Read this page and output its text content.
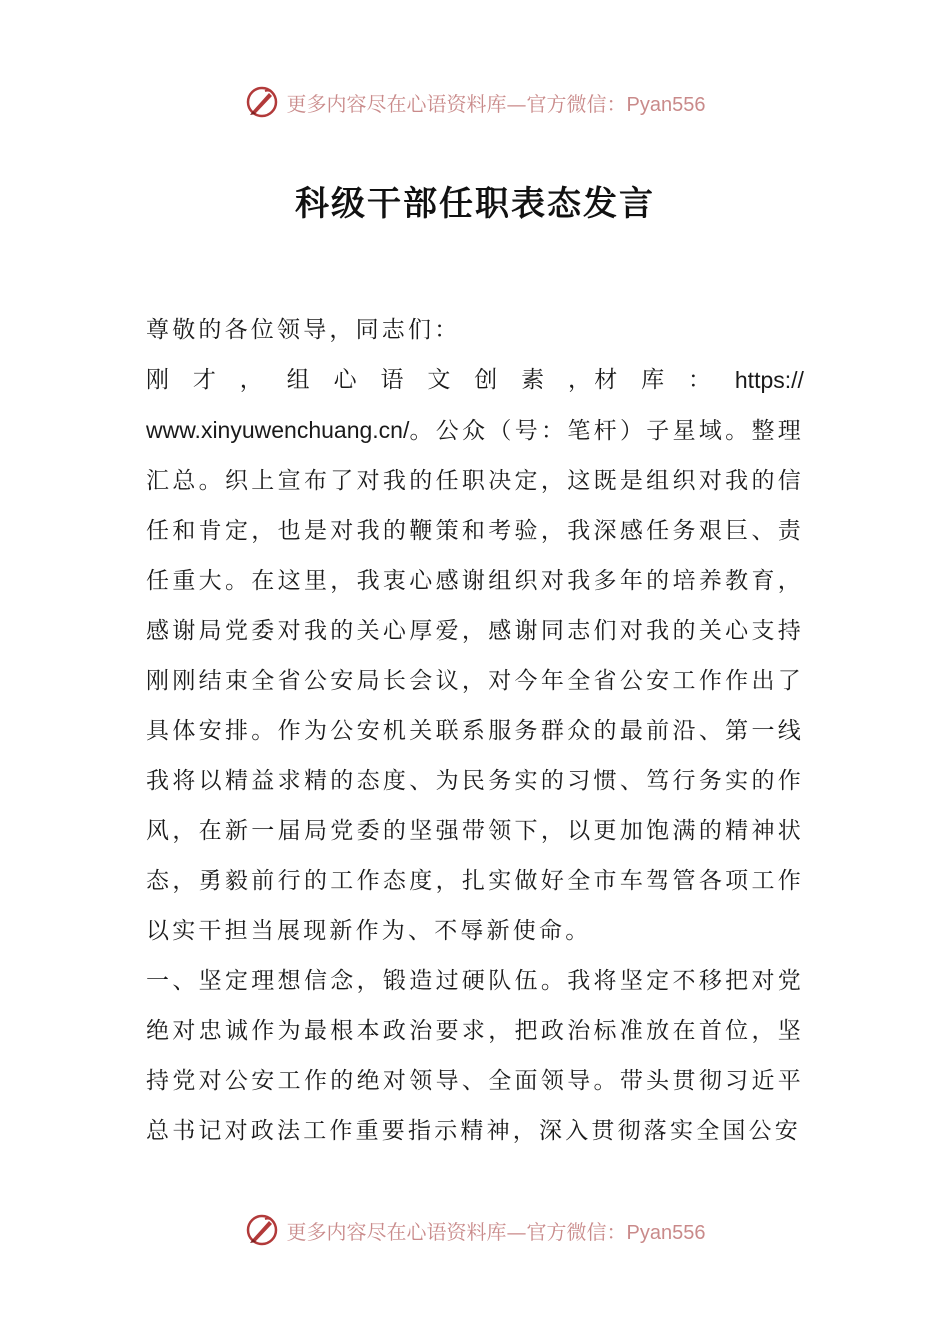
更多内容尽在心语资料库—官方微信：Pyan556
科级干部任职表态发言

尊敬的各位领导，同志们：

刚 才 ， 组 心 语 文 创 素 ，材 库 ： https://

www.xinyuwenchuang.cn/。公众（号：笔杆）子星域。整理汇总。织上宣布了对我的任职决定，这既是组织对我的信任和肯定，也是对我的鞭策和考验，我深感任务艰巨、责任重大。在这里，我衷心感谢组织对我多年的培养教育，感谢局党委对我的关心厚爱，感谢同志们对我的关心支持刚刚结束全省公安局长会议，对今年全省公安工作作出了具体安排。作为公安机关联系服务群众的最前沿、第一线我将以精益求精的态度、为民务实的习惯、笃行务实的作风，在新一届局党委的坚强带领下，以更加饱满的精神状态，勇毅前行的工作态度，扎实做好全市车驾管各项工作以实干担当展现新作为、不辱新使命。

一、坚定理想信念，锻造过硬队伍。我将坚定不移把对党绝对忠诚作为最根本政治要求，把政治标准放在首位，坚持党对公安工作的绝对领导、全面领导。带头贯彻习近平总书记对政法工作重要指示精神，深入贯彻落实全国公安

更多内容尽在心语资料库—官方微信：Pyan556
